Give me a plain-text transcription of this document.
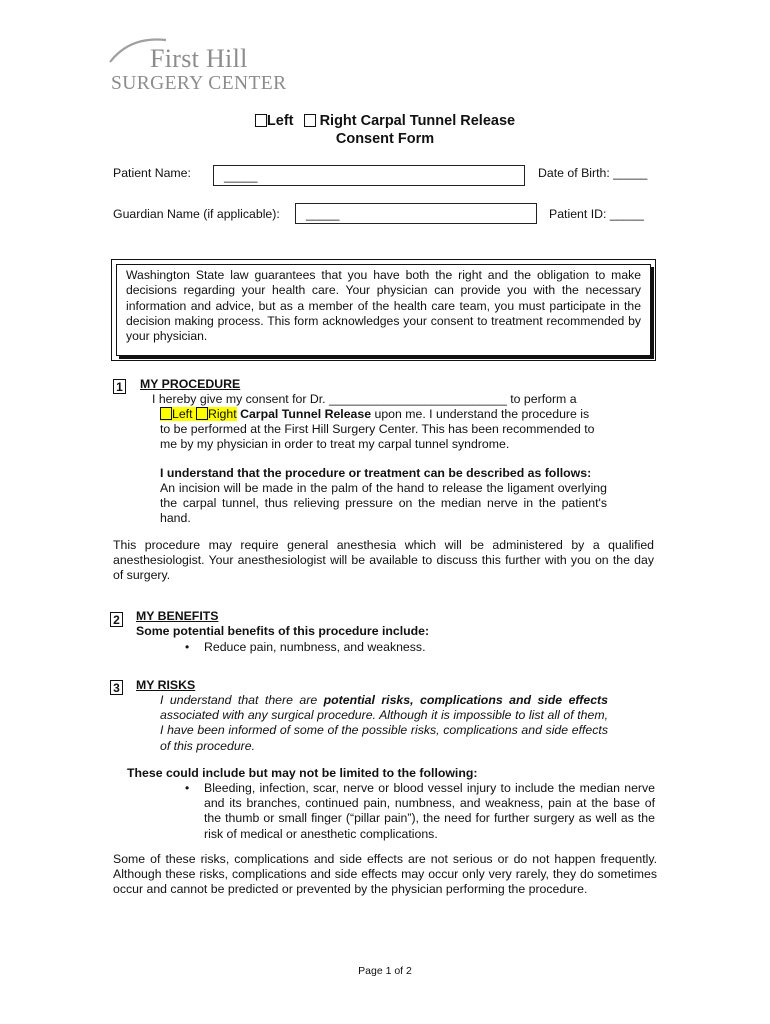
First Hill
SURGERY CENTER
Left Right Carpal Tunnel Release
Consent Form
Patient Name:	_____	Date of Birth: _____
Guardian Name (if applicable): _____	Patient ID: _____
Washington State law guarantees that you have both the right and the obligation to make decisions regarding your health care. Your physician can provide you with the necessary information and advice, but as a member of the health care team, you must participate in the decision making process. This form acknowledges your consent to treatment recommended by your physician.
1 MY PROCEDURE
I hereby give my consent for Dr. __________________________ to perform a
Left Right Carpal Tunnel Release upon me. I understand the procedure is
to be performed at the First Hill Surgery Center. This has been recommended to
me by my physician in order to treat my carpal tunnel syndrome.
I understand that the procedure or treatment can be described as follows:
An incision will be made in the palm of the hand to release the ligament overlying the carpal tunnel, thus relieving pressure on the median nerve in the patient's hand.
This procedure may require general anesthesia which will be administered by a qualified anesthesiologist. Your anesthesiologist will be available to discuss this further with you on the day of surgery.
2 MY BENEFITS
Some potential benefits of this procedure include:
• Reduce pain, numbness, and weakness.
3 MY RISKS
I understand that there are potential risks, complications and side effects associated with any surgical procedure. Although it is impossible to list all of them, I have been informed of some of the possible risks, complications and side effects of this procedure.
These could include but may not be limited to the following:
• Bleeding, infection, scar, nerve or blood vessel injury to include the median nerve and its branches, continued pain, numbness, and weakness, pain at the base of the thumb or small finger (“pillar pain”), the need for further surgery as well as the risk of medical or anesthetic complications.
Some of these risks, complications and side effects are not serious or do not happen frequently. Although these risks, complications and side effects may occur only very rarely, they do sometimes occur and cannot be predicted or prevented by the physician performing the procedure.
Page 1 of 2
